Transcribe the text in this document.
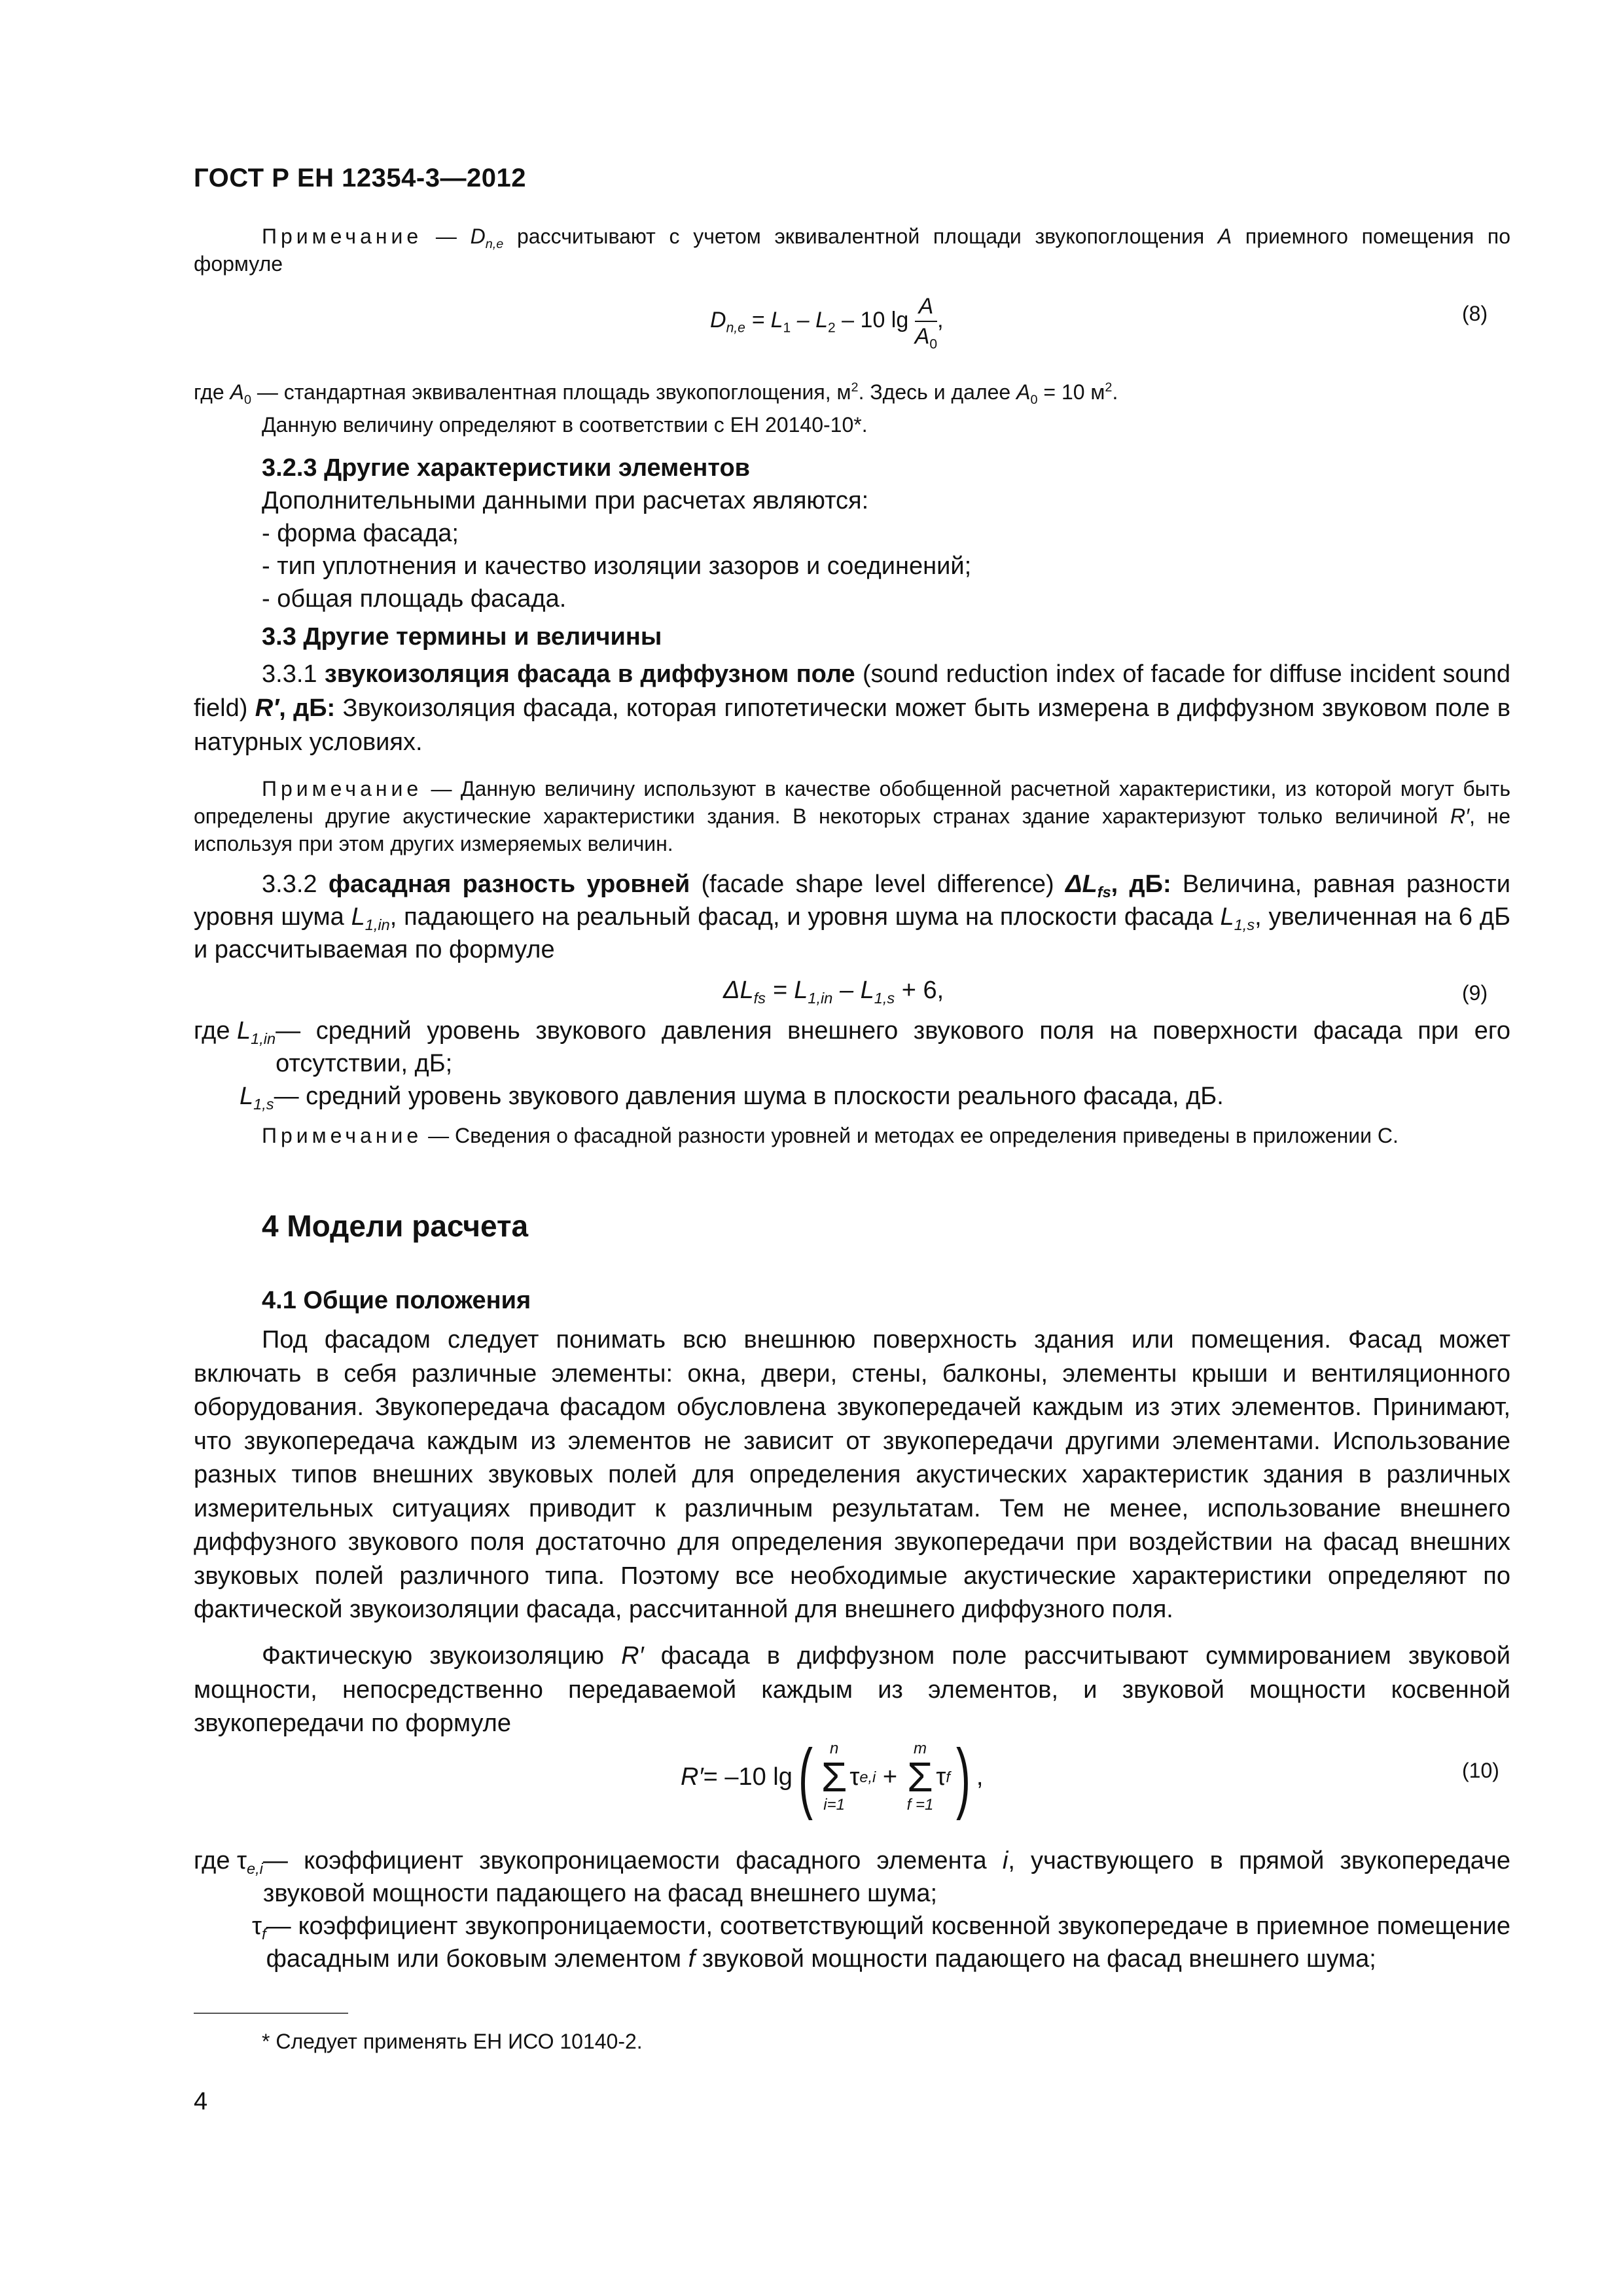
ГОСТ Р ЕН 12354-3—2012
Примечание — $D_{n,e}$ рассчитывают с учетом эквивалентной площади звукопоглощения A приемного помещения по формуле
$D_{n,e} = L_1 - L_2 - 10$ $\lg \frac{A}{A_0}$ ,	(8)
где $A_0$ — стандартная эквивалентная площадь звукопоглощения, $м^2$. Здесь и далее $A_0 = 10$ $м^2$.
Данную величину определяют в соответствии с ЕН 20140-10*.
3.2.3 Другие характеристики элементов
Дополнительными данными при расчетах являются:
- форма фасада;
- тип уплотнения и качество изоляции зазоров и соединений;
- общая площадь фасада.
3.3 Другие термины и величины
3.3.1 звукоизоляция фасада в диффузном поле (sound reduction index of facade for diffuse incident sound field) R′, дБ: Звукоизоляция фасада, которая гипотетически может быть измерена в диффузном звуковом поле в натурных условиях.
Примечание — Данную величину используют в качестве обобщенной расчетной характеристики, из которой могут быть определены другие акустические характеристики здания. В некоторых странах здание характеризуют только величиной R′, не используя при этом других измеряемых величин.
3.3.2 фасадная разность уровней (facade shape level difference) $\Delta L_{fs}$, дБ: Величина, равная разности уровня шума $L_{1,in}$, падающего на реальный фасад, и уровня шума на плоскости фасада $L_{1,s}$, увеличенная на 6 дБ и рассчитываемая по формуле
$\Delta L_{fs} = L_{1,in} - L_{1,s} + 6$,	(9)
где $L_{1,in}$ — средний уровень звукового давления внешнего звукового поля на поверхности фасада при его отсутствии, дБ;
$L_{1,s}$ — средний уровень звукового давления шума в плоскости реального фасада, дБ.
Примечание — Сведения о фасадной разности уровней и методах ее определения приведены в приложении С.
4 Модели расчета
4.1 Общие положения
Под фасадом следует понимать всю внешнюю поверхность здания или помещения. Фасад может включать в себя различные элементы: окна, двери, стены, балконы, элементы крыши и вентиляционного оборудования. Звукопередача фасадом обусловлена звукопередачей каждым из этих элементов. Принимают, что звукопередача каждым из элементов не зависит от звукопередачи другими элементами. Использование разных типов внешних звуковых полей для определения акустических характеристик здания в различных измерительных ситуациях приводит к различным результатам. Тем не менее, использование внешнего диффузного звукового поля достаточно для определения звукопередачи при воздействии на фасад внешних звуковых полей различного типа. Поэтому все необходимые акустические характеристики определяют по фактической звукоизоляции фасада, рассчитанной для внешнего диффузного поля.
Фактическую звукоизоляцию R′ фасада в диффузном поле рассчитывают суммированием звуковой мощности, непосредственно передаваемой каждым из элементов, и звуковой мощности косвенной звукопередачи по формуле
R′ = –10 lg ( n
Σ
i=1
τ e,i +
m
Σ
f =1
τ f ) ,	(10)
где $\tau_{e,i}$ — коэффициент звукопроницаемости фасадного элемента i, участвующего в прямой звукопередаче звуковой мощности падающего на фасад внешнего шума;
$\tau_f$ — коэффициент звукопроницаемости, соответствующий косвенной звукопередаче в приемное помещение фасадным или боковым элементом f звуковой мощности падающего на фасад внешнего шума;
* Следует применять ЕН ИСО 10140-2.
4
